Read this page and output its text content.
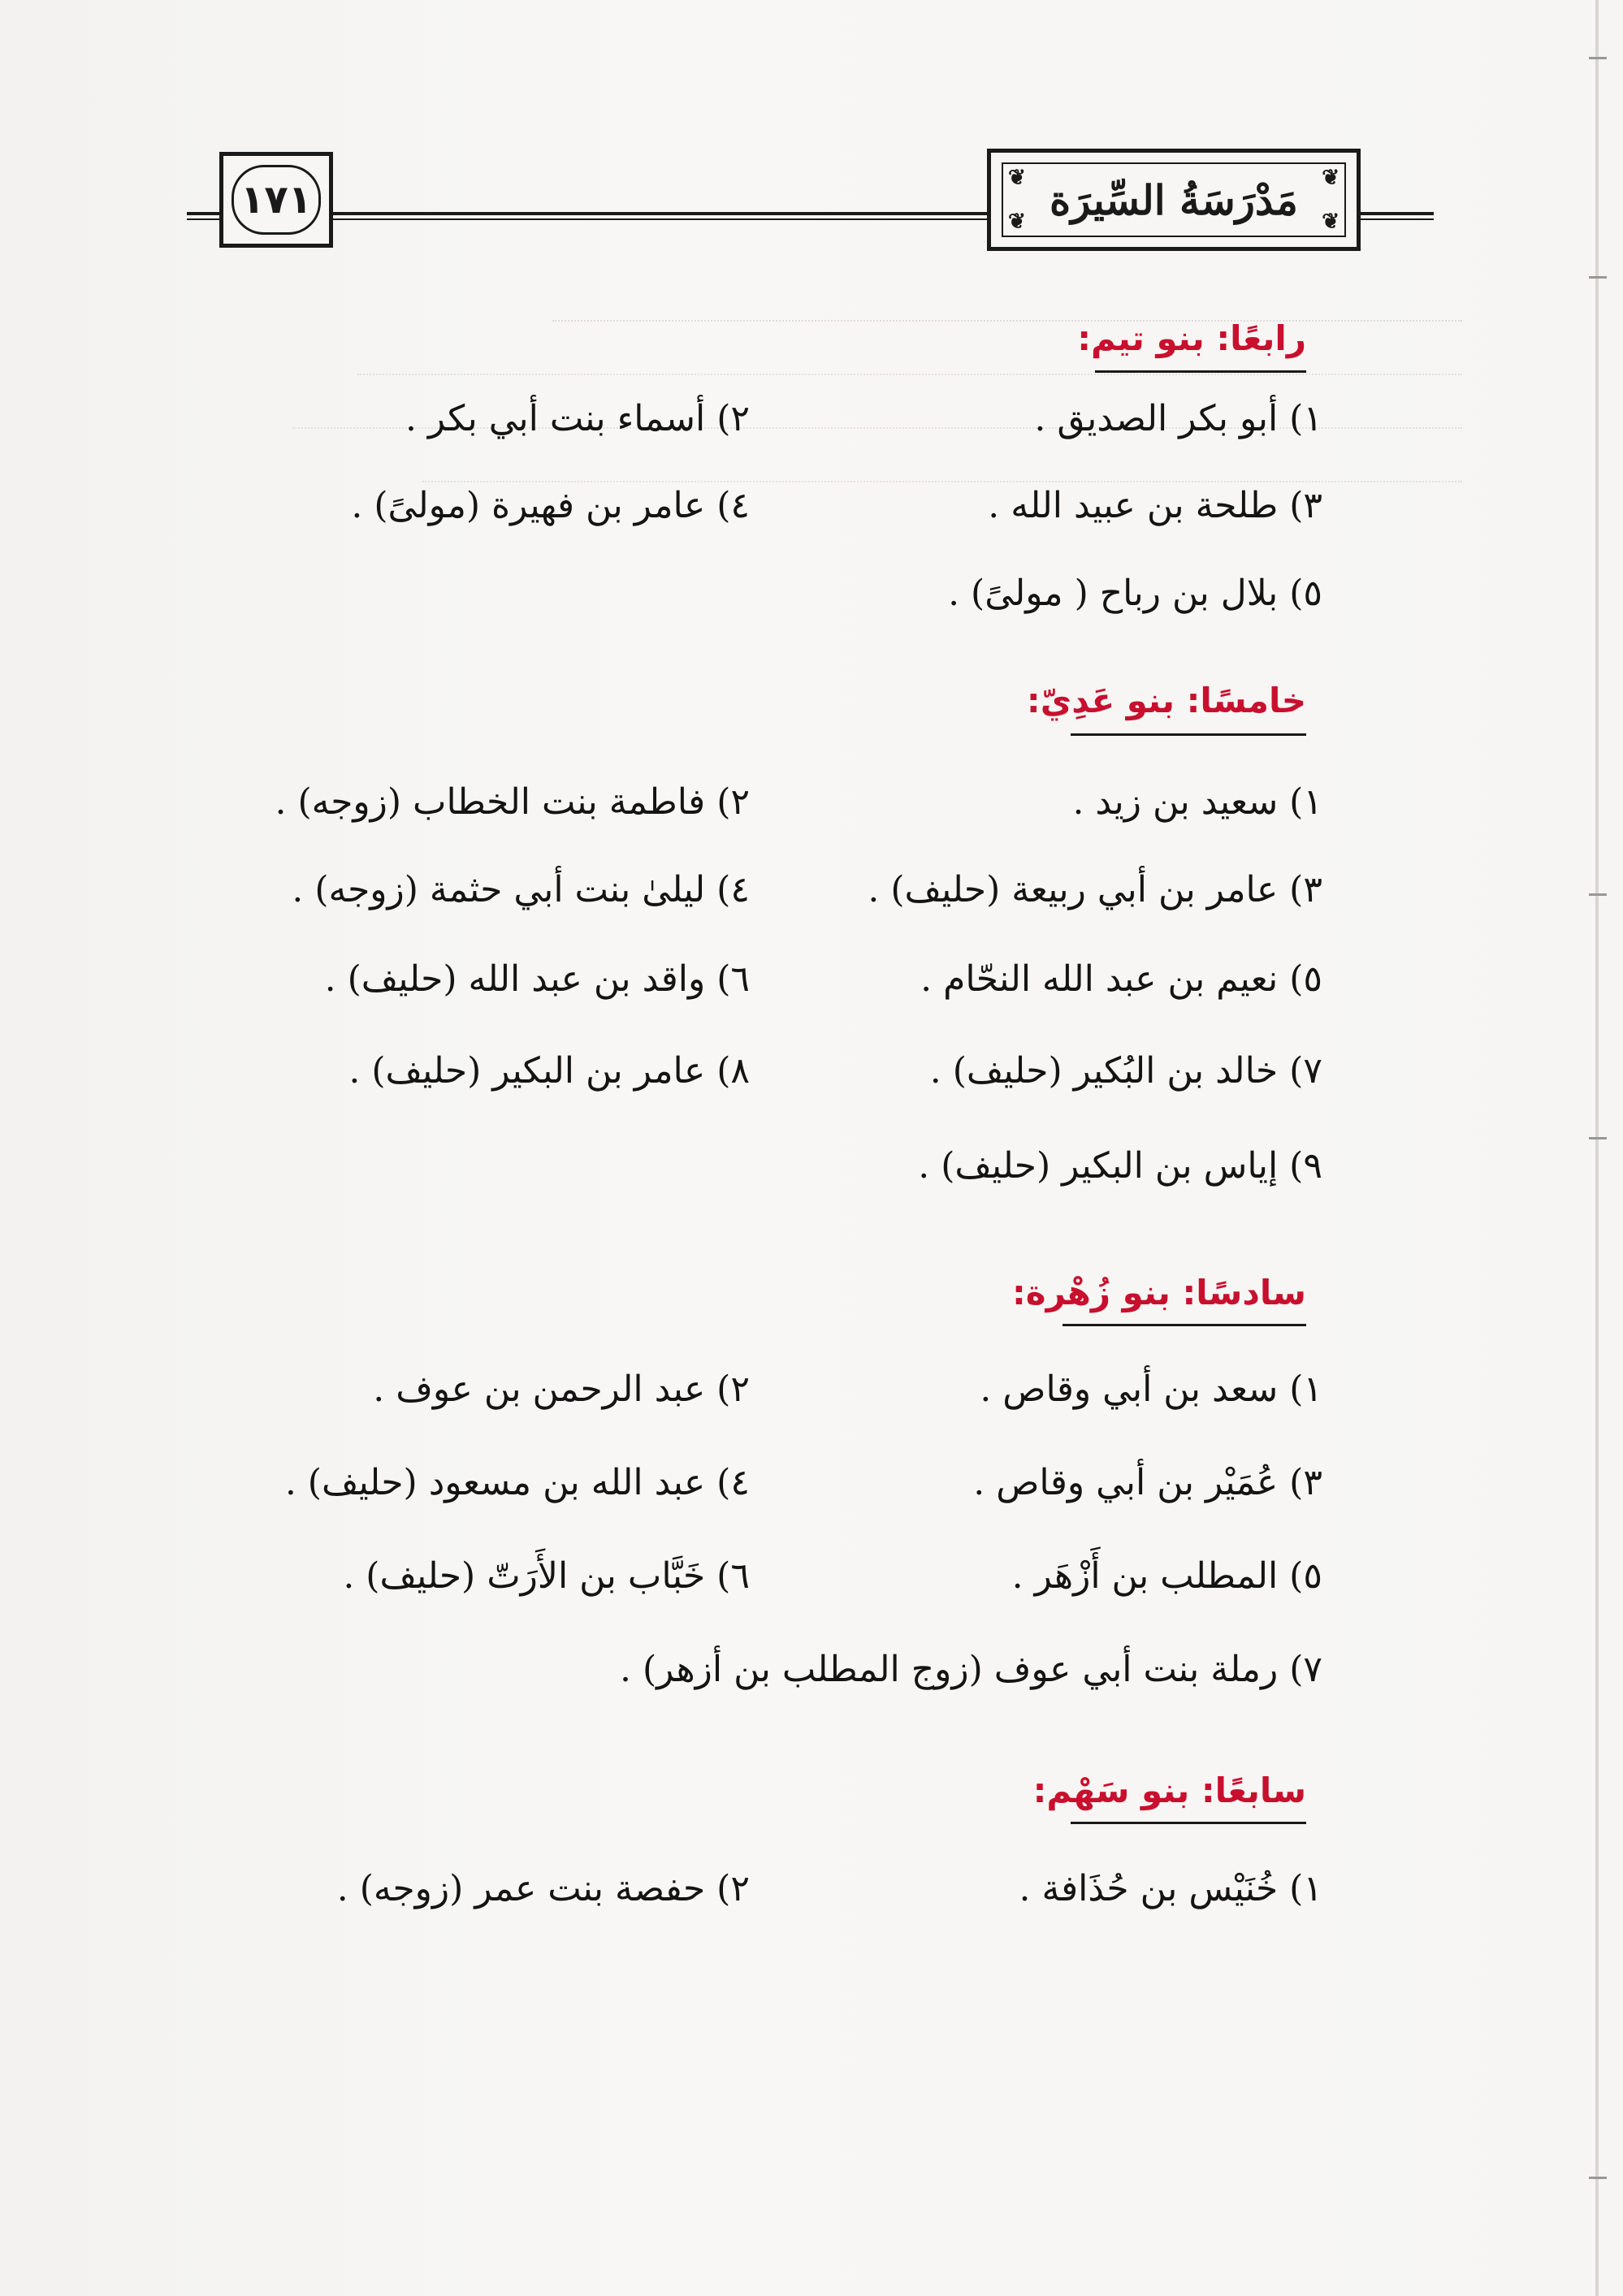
١٧١	❦	❦
❦	❦
مَدْرَسَةُ السِّيرَة
رابعًا: بنو تيم:
١) أبو بكر الصديق .
٢) أسماء بنت أبي بكر .
٣) طلحة بن عبيد الله .
٤) عامر بن فهيرة (مولىً) .
٥) بلال بن رباح ( مولىً) .
خامسًا: بنو عَدِيّ:
١) سعيد بن زيد .
٢) فاطمة بنت الخطاب (زوجه) .
٣) عامر بن أبي ربيعة (حليف) .
٤) ليلىٰ بنت أبي حثمة (زوجه) .
٥) نعيم بن عبد الله النحّام .
٦) واقد بن عبد الله (حليف) .
٧) خالد بن البُكير (حليف) .
٨) عامر بن البكير (حليف) .
٩) إياس بن البكير (حليف) .
سادسًا: بنو زُهْرة:
١) سعد بن أبي وقاص .
٢) عبد الرحمن بن عوف .
٣) عُمَيْر بن أبي وقاص .
٤) عبد الله بن مسعود (حليف) .
٥) المطلب بن أَزْهَر .
٦) خَبَّاب بن الأَرَتّ (حليف) .
٧) رملة بنت أبي عوف (زوج المطلب بن أزهر) .
سابعًا: بنو سَهْم:
١) خُنَيْس بن حُذَافة .
٢) حفصة بنت عمر (زوجه) .
